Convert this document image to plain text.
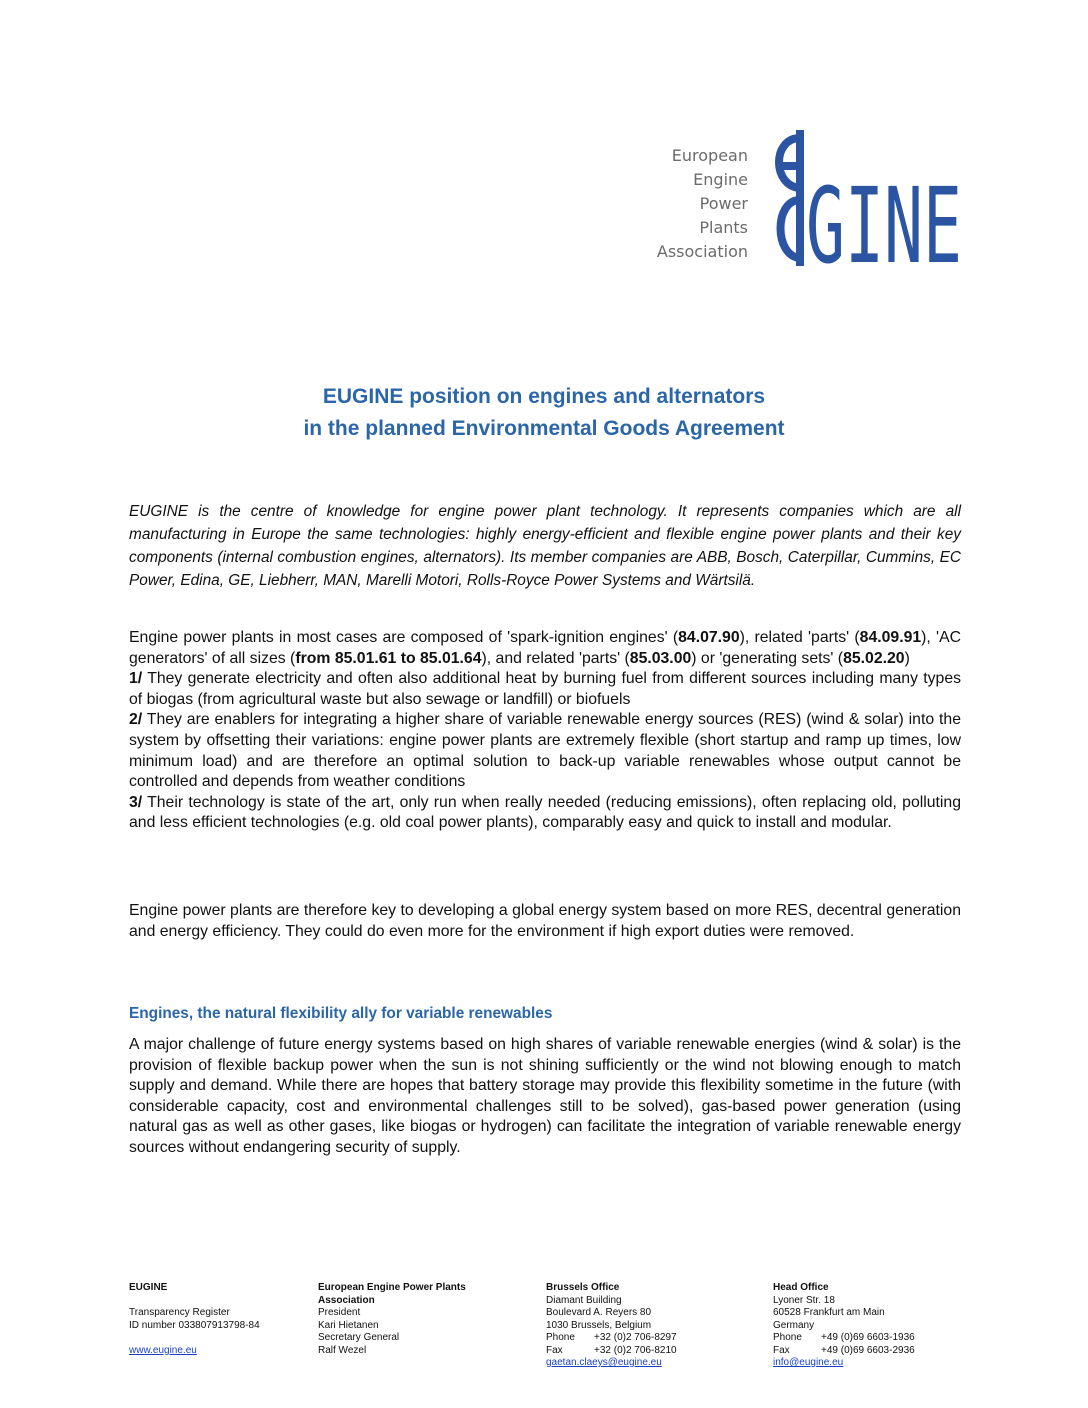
European
Engine
Power
Plants
Association GINE
EUGINE position on engines and alternators
in the planned Environmental Goods Agreement

EUGINE is the centre of knowledge for engine power plant technology. It represents companies which are all manufacturing in Europe the same technologies: highly energy-efficient and flexible engine power plants and their key components (internal combustion engines, alternators). Its member companies are ABB, Bosch, Caterpillar, Cummins, EC Power, Edina, GE, Liebherr, MAN, Marelli Motori, Rolls-Royce Power Systems and Wärtsilä.

Engine power plants in most cases are composed of 'spark-ignition engines' (84.07.90), related 'parts' (84.09.91), 'AC generators' of all sizes (from 85.01.61 to 85.01.64), and related 'parts' (85.03.00) or 'generating sets' (85.02.20)

1/ They generate electricity and often also additional heat by burning fuel from different sources including many types of biogas (from agricultural waste but also sewage or landfill) or biofuels

2/ They are enablers for integrating a higher share of variable renewable energy sources (RES) (wind & solar) into the system by offsetting their variations: engine power plants are extremely flexible (short startup and ramp up times, low minimum load) and are therefore an optimal solution to back-up variable renewables whose output cannot be controlled and depends from weather conditions

3/ Their technology is state of the art, only run when really needed (reducing emissions), often replacing old, polluting and less efficient technologies (e.g. old coal power plants), comparably easy and quick to install and modular.

Engine power plants are therefore key to developing a global energy system based on more RES, decentral generation and energy efficiency. They could do even more for the environment if high export duties were removed.

Engines, the natural flexibility ally for variable renewables

A major challenge of future energy systems based on high shares of variable renewable energies (wind & solar) is the provision of flexible backup power when the sun is not shining sufficiently or the wind not blowing enough to match supply and demand. While there are hopes that battery storage may provide this flexibility sometime in the future (with considerable capacity, cost and environmental challenges still to be solved), gas-based power generation (using natural gas as well as other gases, like biogas or hydrogen) can facilitate the integration of variable renewable energy sources without endangering security of supply.

EUGINE

Transparency Register
ID number 033807913798-84

www.eugine.eu
European Engine Power Plants
Association
President
Kari Hietanen
Secretary General
Ralf Wezel
Brussels Office
Diamant Building
Boulevard A. Reyers 80
1030 Brussels, Belgium

Phone	+32 (0)2 706-8297
Fax	+32 (0)2 706-8210
gaetan.claeys@eugine.eu
Head Office
Lyoner Str. 18
60528 Frankfurt am Main
Germany

Phone	+49 (0)69 6603-1936
Fax	+49 (0)69 6603-2936
info@eugine.eu
